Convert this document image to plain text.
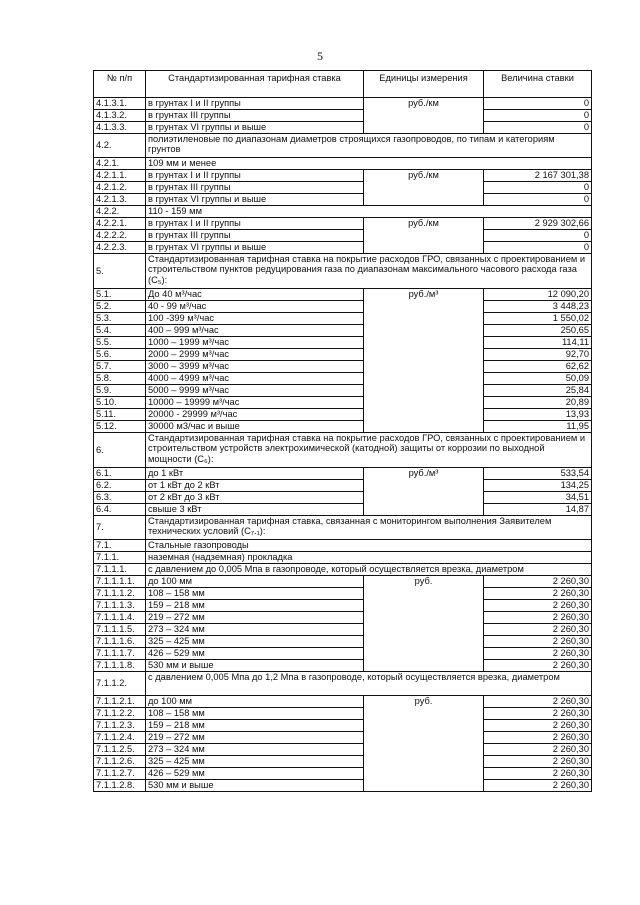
5
№ п/п	Стандартизированная тарифная ставка	Единицы измерения	Величина ставки
4.1.3.1.	в грунтах I и II группы	руб./км	0
4.1.3.2.	в грунтах III группы		0
4.1.3.3.	в грунтах VI группы и выше		0
4.2.	полиэтиленовые по диапазонам диаметров строящихся газопроводов, по типам и категориям грунтов		
4.2.1.	109 мм и менее		
4.2.1.1.	в грунтах I и II группы	руб./км	2 167 301,38
4.2.1.2.	в грунтах III группы		0
4.2.1.3.	в грунтах VI группы и выше		0
4.2.2.	110 - 159 мм		
4.2.2.1.	в грунтах I и II группы	руб./км	2 929 302,66
4.2.2.2.	в грунтах III группы		0
4.2.2.3.	в грунтах VI группы и выше		0
5.	Стандартизированная тарифная ставка на покрытие расходов ГРО, связанных с проектированием и строительством пунктов редуцирования газа по диапазонам максимального часового расхода газа (C₅):		
5.1.	До 40 м³/час	руб./м³	12 090,20
5.2.	40 - 99 м³/час		3 448,23
5.3.	100 -399 м³/час		1 550,02
5.4.	400 – 999 м³/час		250,65
5.5.	1000 – 1999 м³/час		114,11
5.6.	2000 – 2999 м³/час		92,70
5.7.	3000 – 3999 м³/час		62,62
5.8.	4000 – 4999 м³/час		50,09
5.9.	5000 – 9999 м³/час		25,84
5.10.	10000 – 19999 м³/час		20,89
5.11.	20000 - 29999 м³/час		13,93
5.12.	30000 м3/час и выше		11,95
6.	Стандартизированная тарифная ставка на покрытие расходов ГРО, связанных с проектированием и строительством устройств электрохимической (катодной) защиты от коррозии по выходной мощности (C₆):		
6.1.	до 1 кВт	руб./м³	533,54
6.2.	от 1 кВт до 2 кВт		134,25
6.3.	от 2 кВт до 3 кВт		34,51
6.4.	свыше 3 кВт		14,87
7.	Стандартизированная тарифная ставка, связанная с мониторингом выполнения Заявителем технических условий (C₇.₁):		
7.1.	Стальные газопроводы		
7.1.1.	наземная (надземная) прокладка		
7.1.1.1.	с давлением до 0,005 Мпа в газопроводе, который осуществляется врезка, диаметром		
7.1.1.1.1.	до 100 мм	руб.	2 260,30
7.1.1.1.2.	108 – 158 мм		2 260,30
7.1.1.1.3.	159 – 218 мм		2 260,30
7.1.1.1.4.	219 – 272 мм		2 260,30
7.1.1.1.5.	273 – 324 мм		2 260,30
7.1.1.1.6.	325 – 425 мм		2 260,30
7.1.1.1.7.	426 – 529 мм		2 260,30
7.1.1.1.8.	530 мм и выше		2 260,30
7.1.1.2.	с давлением 0,005 Мпа до 1,2 Мпа в газопроводе, который осуществляется врезка, диаметром		
7.1.1.2.1.	до 100 мм	руб.	2 260,30
7.1.1.2.2.	108 – 158 мм		2 260,30
7.1.1.2.3.	159 – 218 мм		2 260,30
7.1.1.2.4.	219 – 272 мм		2 260,30
7.1.1.2.5.	273 – 324 мм		2 260,30
7.1.1.2.6.	325 – 425 мм		2 260,30
7.1.1.2.7.	426 – 529 мм		2 260,30
7.1.1.2.8.	530 мм и выше		2 260,30
